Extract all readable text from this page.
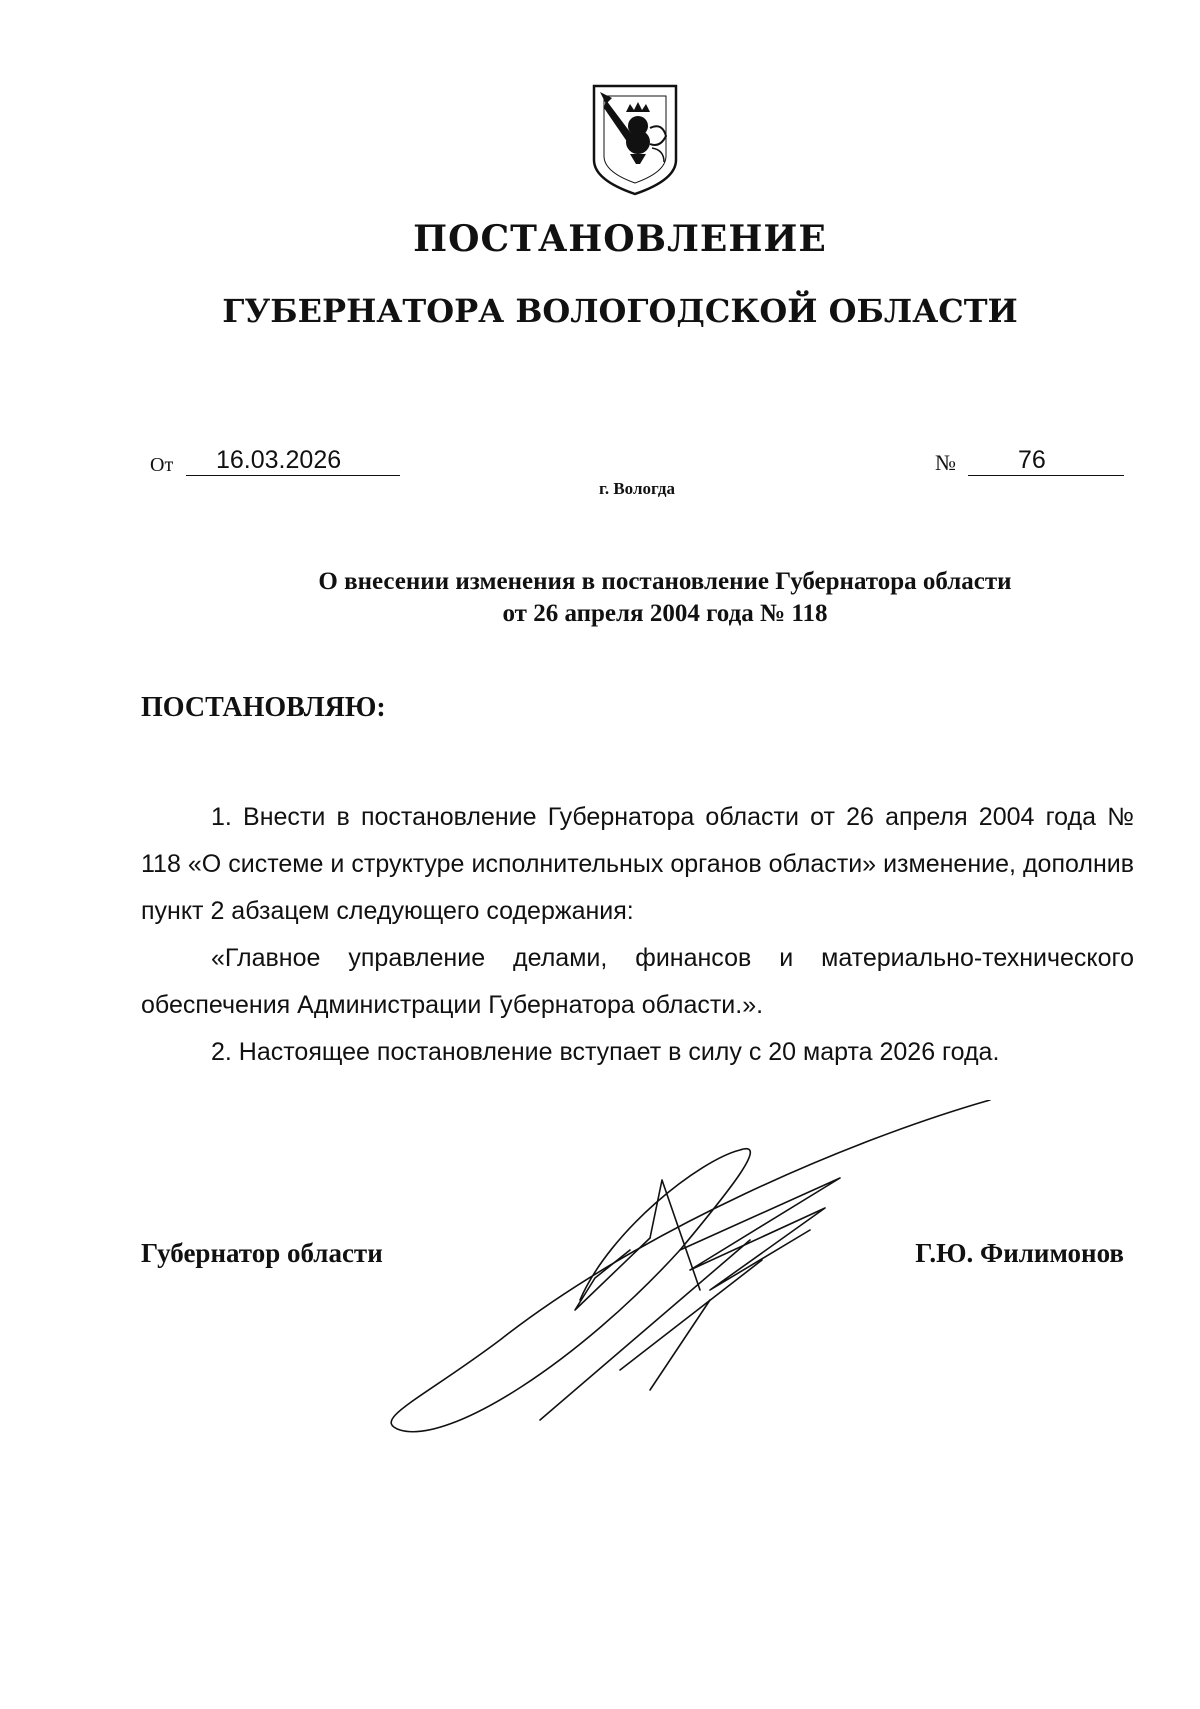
ПОСТАНОВЛЕНИЕ
ГУБЕРНАТОРА ВОЛОГОДСКОЙ ОБЛАСТИ
От	16.03.2026	№	76
г. Вологда
О внесении изменения в постановление Губернатора области
от 26 апреля 2004 года № 118
ПОСТАНОВЛЯЮ:

1. Внести в постановление Губернатора области от 26 апреля 2004 года № 118 «О системе и структуре исполнительных органов области» изменение, дополнив пункт 2 абзацем следующего содержания:

«Главное управление делами, финансов и материально-технического обеспечения Администрации Губернатора области.».

2. Настоящее постановление вступает в силу с 20 марта 2026 года.

Губернатор области	Г.Ю. Филимонов
